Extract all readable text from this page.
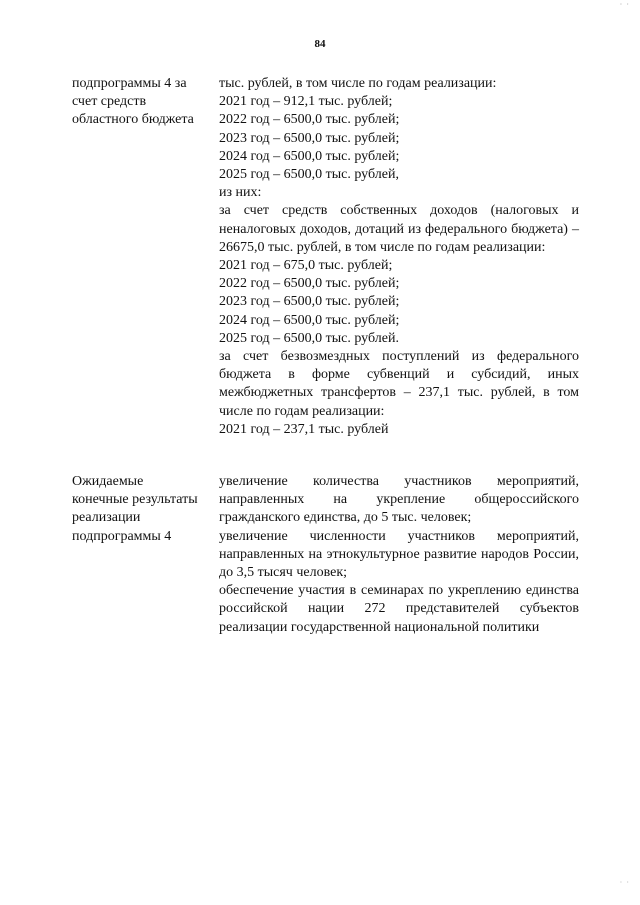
· ·
84
подпрограммы 4 за
счет средств
областного бюджета
тыс. рублей, в том числе по годам реализации:
2021 год – 912,1 тыс. рублей;
2022 год – 6500,0 тыс. рублей;
2023 год – 6500,0 тыс. рублей;
2024 год – 6500,0 тыс. рублей;
2025 год – 6500,0 тыс. рублей,
из них:
за счет средств собственных доходов (налоговых и неналоговых доходов, дотаций из федерального бюджета) – 26675,0 тыс. рублей, в том числе по годам реализации:
2021 год – 675,0 тыс. рублей;
2022 год – 6500,0 тыс. рублей;
2023 год – 6500,0 тыс. рублей;
2024 год – 6500,0 тыс. рублей;
2025 год – 6500,0 тыс. рублей.
за счет безвозмездных поступлений из федерального бюджета в форме субвенций и субсидий, иных межбюджетных трансфертов – 237,1 тыс. рублей, в том числе по годам реализации:
2021 год – 237,1 тыс. рублей
Ожидаемые
конечные результаты
реализации
подпрограммы 4
увеличение количества участников мероприятий, направленных на укрепление общероссийского гражданского единства, до 5 тыс. человек;
увеличение численности участников мероприятий, направленных на этнокультурное развитие народов России, до 3,5 тысяч человек;
обеспечение участия в семинарах по укреплению единства российской нации 272 представителей субъектов реализации государственной национальной политики
· ·
